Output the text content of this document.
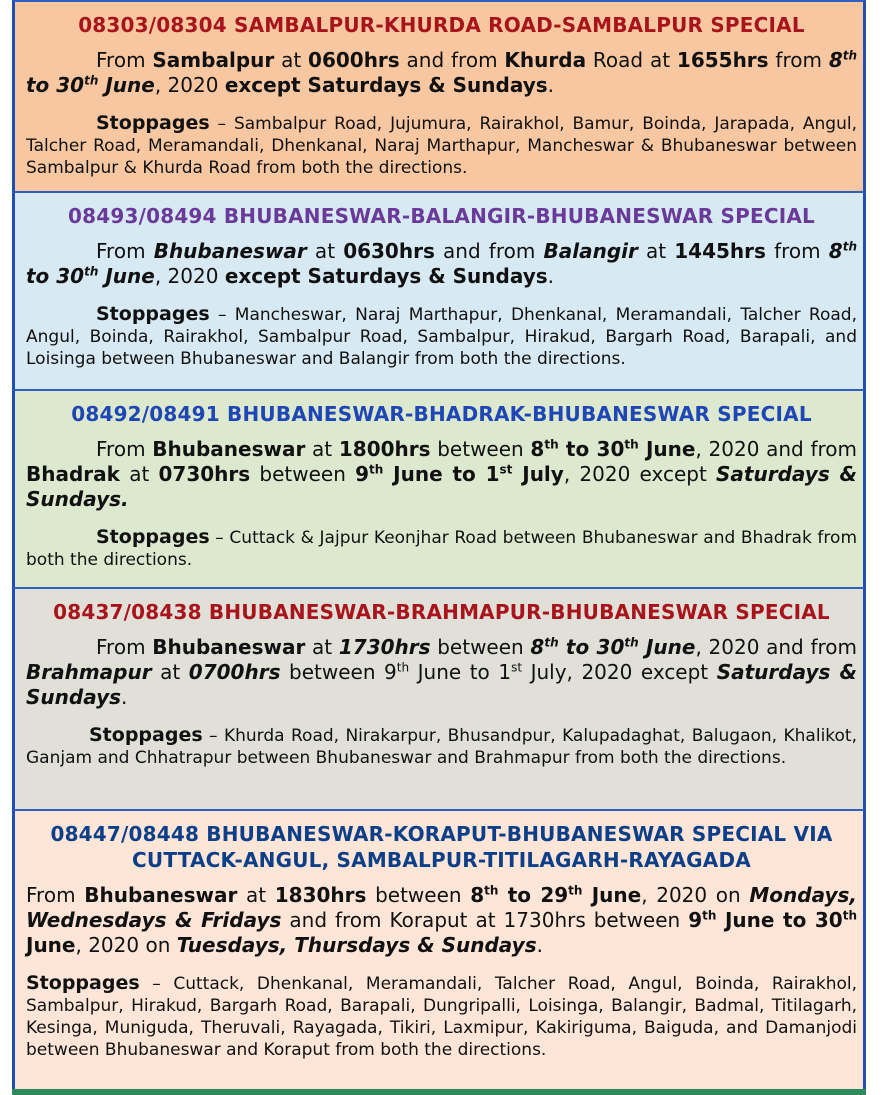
08303/08304 SAMBALPUR-KHURDA ROAD-SAMBALPUR SPECIAL
From Sambalpur at 0600hrs and from Khurda Road at 1655hrs from 8th to 30th June, 2020 except Saturdays & Sundays.
Stoppages – Sambalpur Road, Jujumura, Rairakhol, Bamur, Boinda, Jarapada, Angul, Talcher Road, Meramandali, Dhenkanal, Naraj Marthapur, Mancheswar & Bhubaneswar between Sambalpur & Khurda Road from both the directions.
08493/08494 BHUBANESWAR-BALANGIR-BHUBANESWAR SPECIAL
From Bhubaneswar at 0630hrs and from Balangir at 1445hrs from 8th to 30th June, 2020 except Saturdays & Sundays.
Stoppages – Mancheswar, Naraj Marthapur, Dhenkanal, Meramandali, Talcher Road, Angul, Boinda, Rairakhol, Sambalpur Road, Sambalpur, Hirakud, Bargarh Road, Barapali, and Loisinga between Bhubaneswar and Balangir from both the directions.
08492/08491 BHUBANESWAR-BHADRAK-BHUBANESWAR SPECIAL
From Bhubaneswar at 1800hrs between 8th to 30th June, 2020 and from Bhadrak at 0730hrs between 9th June to 1st July, 2020 except Saturdays & Sundays.
Stoppages – Cuttack & Jajpur Keonjhar Road between Bhubaneswar and Bhadrak from both the directions.
08437/08438 BHUBANESWAR-BRAHMAPUR-BHUBANESWAR SPECIAL
From Bhubaneswar at 1730hrs between 8th to 30th June, 2020 and from Brahmapur at 0700hrs between 9th June to 1st July, 2020 except Saturdays & Sundays.
Stoppages – Khurda Road, Nirakarpur, Bhusandpur, Kalupadaghat, Balugaon, Khalikot, Ganjam and Chhatrapur between Bhubaneswar and Brahmapur from both the directions.
08447/08448 BHUBANESWAR-KORAPUT-BHUBANESWAR SPECIAL VIA
CUTTACK-ANGUL, SAMBALPUR-TITILAGARH-RAYAGADA
From Bhubaneswar at 1830hrs between 8th to 29th June, 2020 on Mondays, Wednesdays & Fridays and from Koraput at 1730hrs between 9th June to 30th June, 2020 on Tuesdays, Thursdays & Sundays.
Stoppages – Cuttack, Dhenkanal, Meramandali, Talcher Road, Angul, Boinda, Rairakhol, Sambalpur, Hirakud, Bargarh Road, Barapali, Dungripalli, Loisinga, Balangir, Badmal, Titilagarh, Kesinga, Muniguda, Theruvali, Rayagada, Tikiri, Laxmipur, Kakiriguma, Baiguda, and Damanjodi between Bhubaneswar and Koraput from both the directions.
